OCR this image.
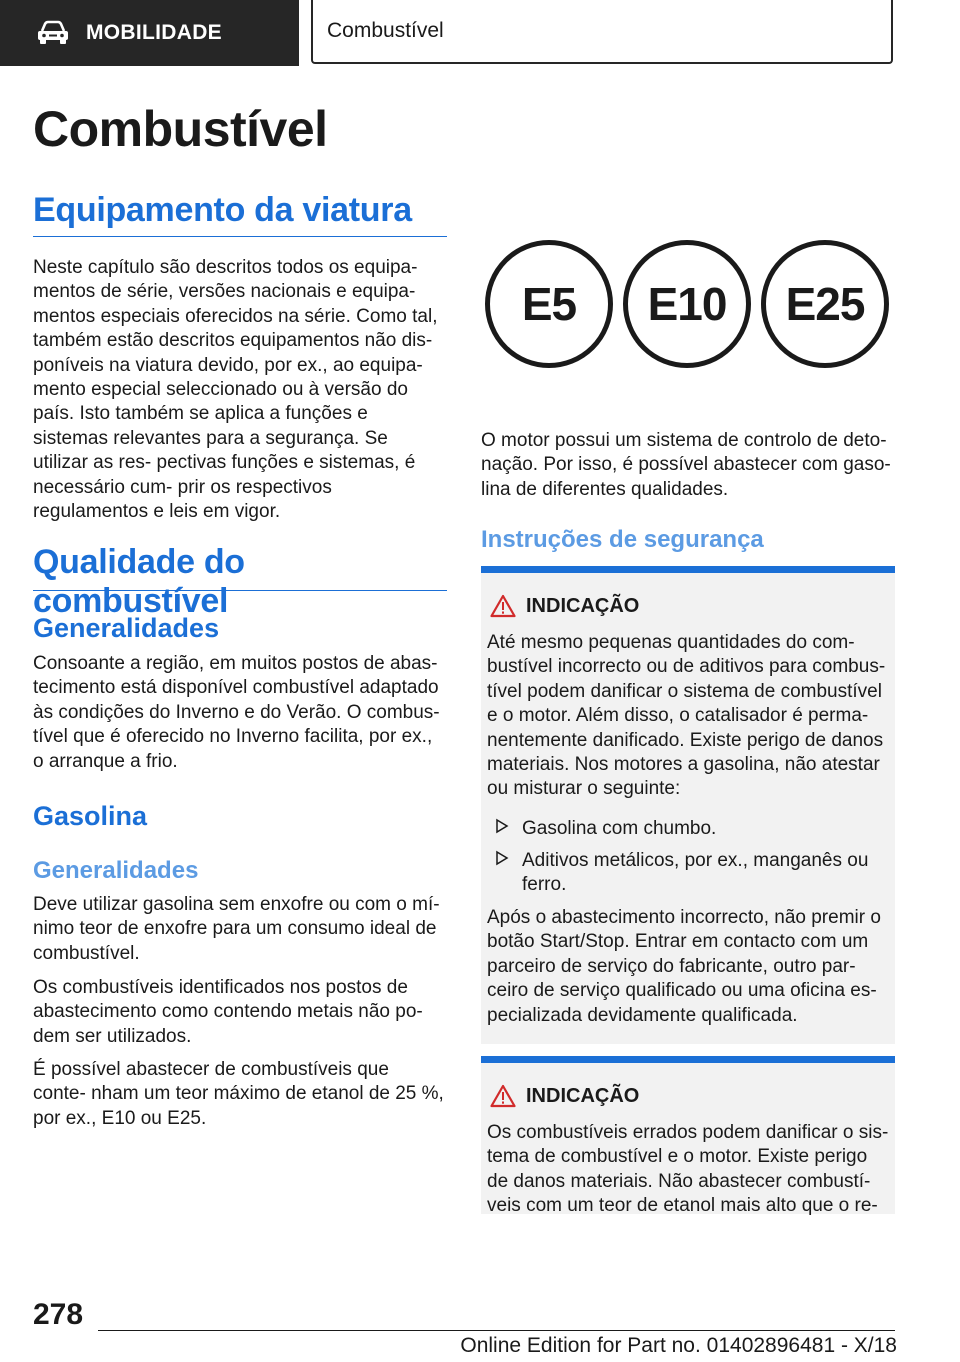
MOBILIDADE	Combustível
Combustível
Equipamento da viatura

Neste capítulo são descritos todos os equipa‐ mentos de série, versões nacionais e equipa‐ mentos especiais oferecidos na série. Como tal, também estão descritos equipamentos não dis‐ poníveis na viatura devido, por ex., ao equipa‐ mento especial seleccionado ou à versão do país. Isto também se aplica a funções e sistemas relevantes para a segurança. Se utilizar as res‐ pectivas funções e sistemas, é necessário cum‐ prir os respectivos regulamentos e leis em vigor.

Qualidade do combustível
Generalidades

Consoante a região, em muitos postos de abas‐ tecimento está disponível combustível adaptado às condições do Inverno e do Verão. O combus‐ tível que é oferecido no Inverno facilita, por ex., o arranque a frio.

Gasolina
Generalidades

Deve utilizar gasolina sem enxofre ou com o mí‐ nimo teor de enxofre para um consumo ideal de combustível.

Os combustíveis identificados nos postos de abastecimento como contendo metais não po‐ dem ser utilizados.

É possível abastecer de combustíveis que conte‐ nham um teor máximo de etanol de 25 %, por ex., E10 ou E25.

E5	E10	E25

O motor possui um sistema de controlo de deto‐ nação. Por isso, é possível abastecer com gaso‐ lina de diferentes qualidades.

Instruções de segurança
INDICAÇÃO

Até mesmo pequenas quantidades do com‐ bustível incorrecto ou de aditivos para combus‐ tível podem danificar o sistema de combustível e o motor. Além disso, o catalisador é perma‐ nentemente danificado. Existe perigo de danos materiais. Nos motores a gasolina, não atestar ou misturar o seguinte:

Gasolina com chumbo.
Aditivos metálicos, por ex., manganês ou ferro.

Após o abastecimento incorrecto, não premir o botão Start/Stop. Entrar em contacto com um parceiro de serviço do fabricante, outro par‐ ceiro de serviço qualificado ou uma oficina es‐ pecializada devidamente qualificada.

INDICAÇÃO

Os combustíveis errados podem danificar o sis‐ tema de combustível e o motor. Existe perigo de danos materiais. Não abastecer combustí‐ veis com um teor de etanol mais alto que o re‐

278
Online Edition for Part no. 01402896481 - X/18
